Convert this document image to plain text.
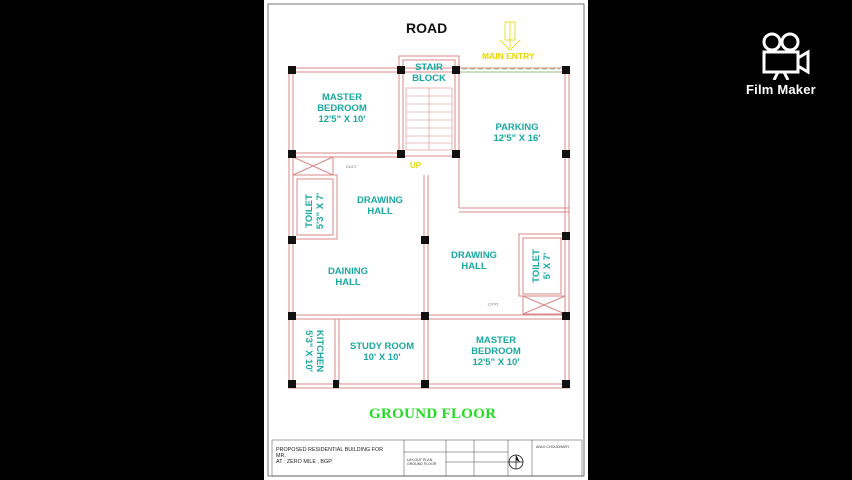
ROAD
MAIN ENTRY
UP
DUCT
DUCT
MASTER
BEDROOM
12'5" X 10'
STAIR
BLOCK
PARKING
12'5" X 16'
TOILET 5'3" X 7'	DRAWING
HALL
DAINING
HALL
DRAWING
HALL	TOILET 5' X 7'
KITCHEN
5'3" X 10'	STUDY ROOM
10' X 10'
MASTER
BEDROOM
12'5" X 10'
GROUND FLOOR
PROPOSED RESIDENTIAL BUILDING FOR
MR.
AT : ZERO MILE , BGP	LAY-OUT PLAN
GROUND FLOOR
ANUJ CHOUDHARY
Film Maker
